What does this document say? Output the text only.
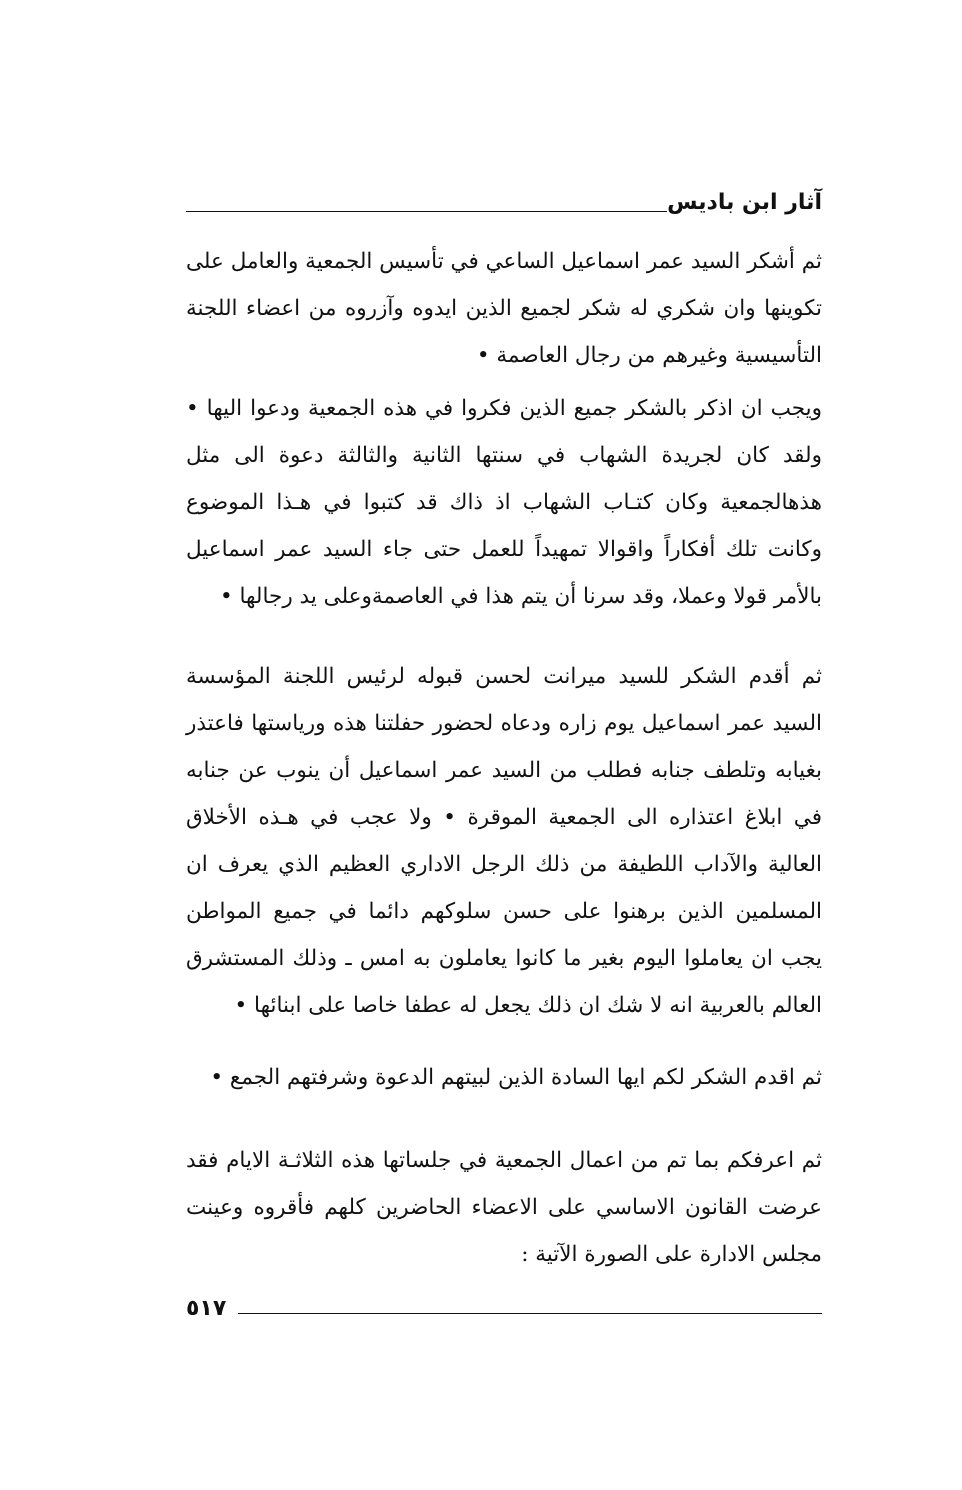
آثار ابن باديس

ثم أشكر السيد عمر اسماعيل الساعي في تأسيس الجمعية والعامل على تكوينها وان شكري له شكر لجميع الذين ايدوه وآزروه من اعضاء اللجنة التأسيسية وغيرهم من رجال العاصمة •

ويجب ان اذكر بالشكر جميع الذين فكروا في هذه الجمعية ودعوا اليها • ولقد كان لجريدة الشهاب في سنتها الثانية والثالثة دعوة الى مثل هذهالجمعية وكان كتـاب الشهاب اذ ذاك قد كتبوا في هـذا الموضوع وكانت تلك أفكاراً واقوالا تمهيداً للعمل حتى جاء السيد عمر اسماعيل بالأمر قولا وعملا، وقد سرنا أن يتم هذا في العاصمةوعلى يد رجالها •

ثم أقدم الشكر للسيد ميرانت لحسن قبوله لرئيس اللجنة المؤسسة السيد عمر اسماعيل يوم زاره ودعاه لحضور حفلتنا هذه ورياستها فاعتذر بغيابه وتلطف جنابه فطلب من السيد عمر اسماعيل أن ينوب عن جنابه في ابلاغ اعتذاره الى الجمعية الموقرة • ولا عجب في هـذه الأخلاق العالية والآداب اللطيفة من ذلك الرجل الاداري العظيم الذي يعرف ان المسلمين الذين برهنوا على حسن سلوكهم دائما في جميع المواطن يجب ان يعاملوا اليوم بغير ما كانوا يعاملون به امس ـ وذلك المستشرق العالم بالعربية انه لا شك ان ذلك يجعل له عطفا خاصا على ابنائها •

ثم اقدم الشكر لكم ايها السادة الذين لبيتهم الدعوة وشرفتهم الجمع •

ثم اعرفكم بما تم من اعمال الجمعية في جلساتها هذه الثلاثـة الايام فقد عرضت القانون الاساسي على الاعضاء الحاضرين كلهم فأقروه وعينت مجلس الادارة على الصورة الآتية :

٥١٧
